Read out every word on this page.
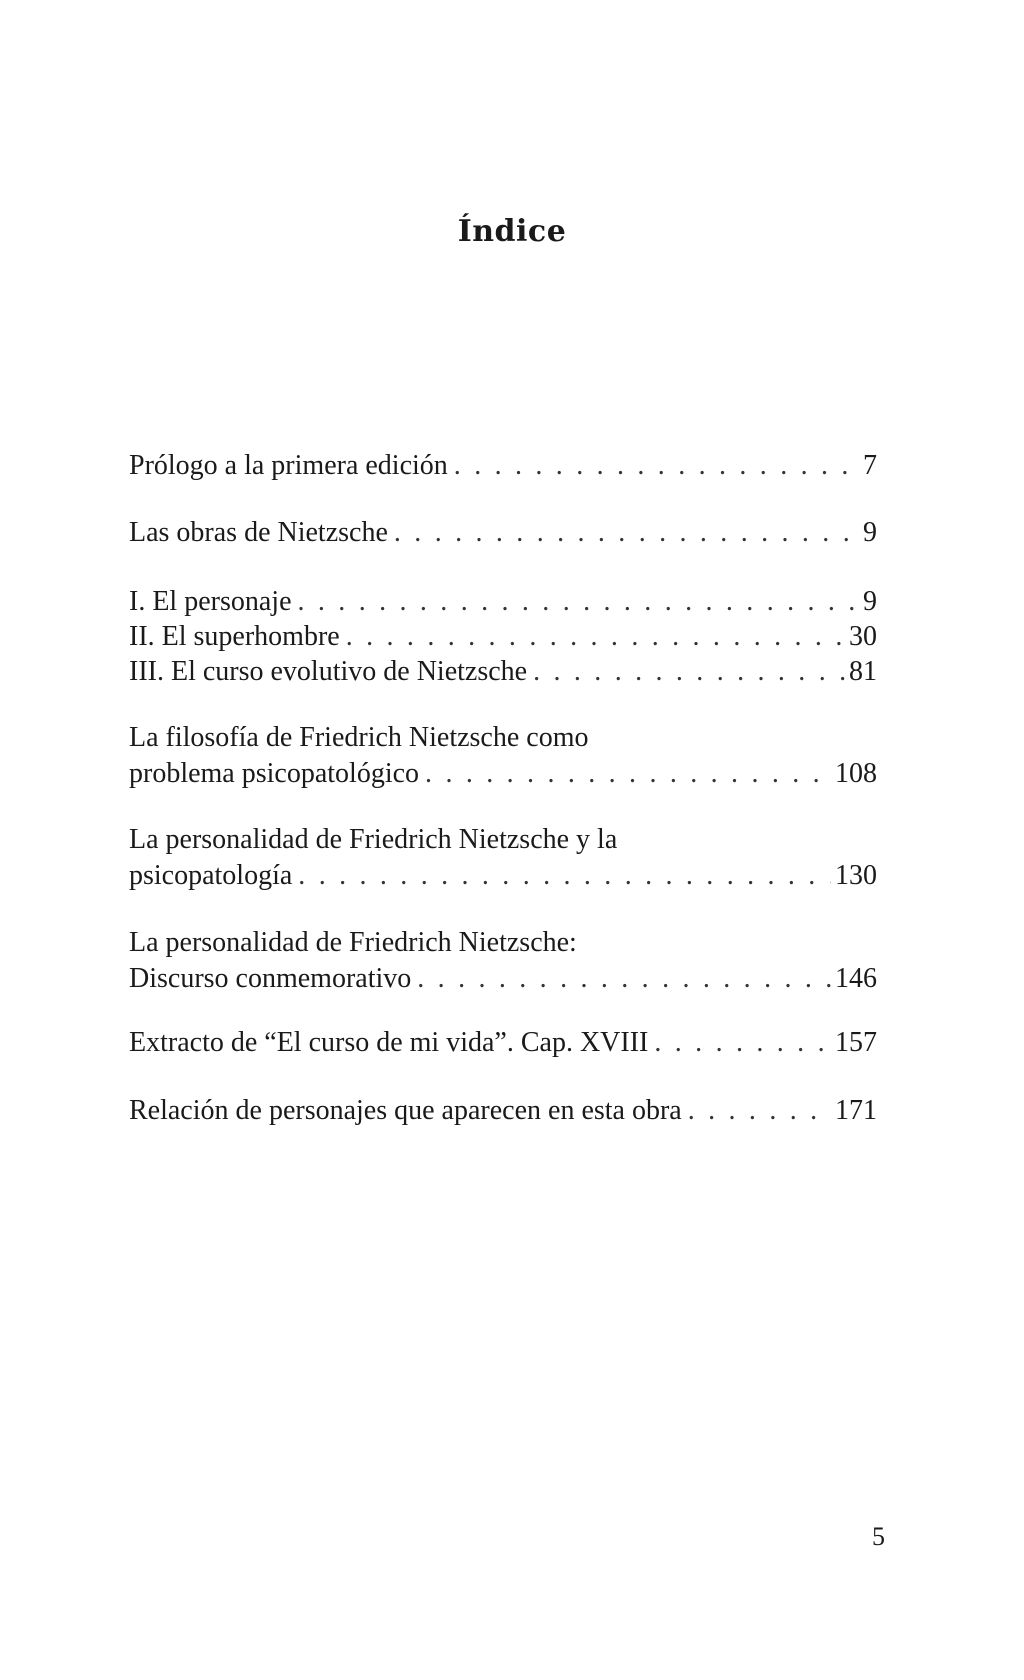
Índice
Prólogo a la primera edición . . .	7
Las obras de Nietzsche . . .	9
I. El personaje . . .	9
II. El superhombre . . .	30
III. El curso evolutivo de Nietzsche . . .	81
La filosofía de Friedrich Nietzsche como
problema psicopatológico . . .	108
La personalidad de Friedrich Nietzsche y la
psicopatología . . .	130
La personalidad de Friedrich Nietzsche:
Discurso conmemorativo . . .	146
Extracto de “El curso de mi vida”. Cap. XVIII . . .	157
Relación de personajes que aparecen en esta obra . . .	171
5
